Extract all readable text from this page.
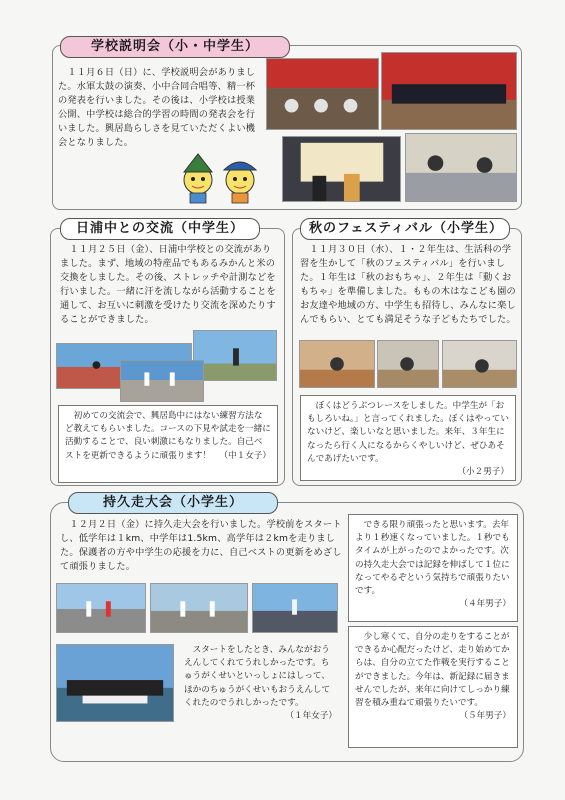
学校説明会（小・中学生）
　１１月６日（日）に、学校説明会がありました。水軍太鼓の演奏、小中合同合唱等、精一杯の発表を行いました。その後は、小学校は授業公開、中学校は総合的学習の時間の発表会を行いました。興居島らしさを見ていただくよい機会となりました。
日浦中との交流（中学生）
　１１月２５日（金）、日浦中学校との交流がありました。まず、地域の特産品でもあるみかんと米の交換をしました。その後、ストレッチや計測などを行いました。一緒に汗を流しながら活動することを通して、お互いに刺激を受けたり交流を深めたりすることができました。
　初めての交流会で、興居島中にはない練習方法など教えてもらいました。コースの下見や試走を一緒に活動することで、良い刺激にもなりました。自己ベストを更新できるように頑張ります！ （中１女子）
秋のフェスティバル（小学生）
　１１月３０日（水）、１・２年生は、生活科の学習を生かして「秋のフェスティバル」を行いました。１年生は「秋のおもちゃ」、２年生は「動くおもちゃ」を準備しました。ももの木はなこども園のお友達や地域の方、中学生も招待し、みんなに楽しんでもらい、とても満足そうな子どもたちでした。
　ぼくはどうぶつレースをしました。中学生が「おもしろいね。」と言ってくれました。ぼくはやっていないけど、楽しいなと思いました。来年、３年生になったら行く人になるからくやしいけど、ぜひあそんであげたいです。
（小２男子）
持久走大会（小学生）
　１２月２日（金）に持久走大会を行いました。学校前をスタートし、低学年は１km、中学年は1.5km、高学年は２kmを走りました。保護者の方や中学生の応援を力に、自己ベストの更新をめざして頑張りました。
　スタートをしたとき、みんながおうえんしてくれてうれしかったです。ちゅうがくせいといっしょにはしって、ほかのちゅうがくせいもおうえんしてくれたのでうれしかったです。
（１年女子）
　できる限り頑張ったと思います。去年より１秒速くなっていました。１秒でもタイムが上がったのでよかったです。次の持久走大会では記録を伸ばして１位になってやるぞという気持ちで頑張りたいです。
（４年男子）
　少し寒くて、自分の走りをすることができるか心配だったけど、走り始めてからは、自分の立てた作戦を実行することができました。今年は、新記録に届きませんでしたが、来年に向けてしっかり練習を積み重ねて頑張りたいです。
（５年男子）
